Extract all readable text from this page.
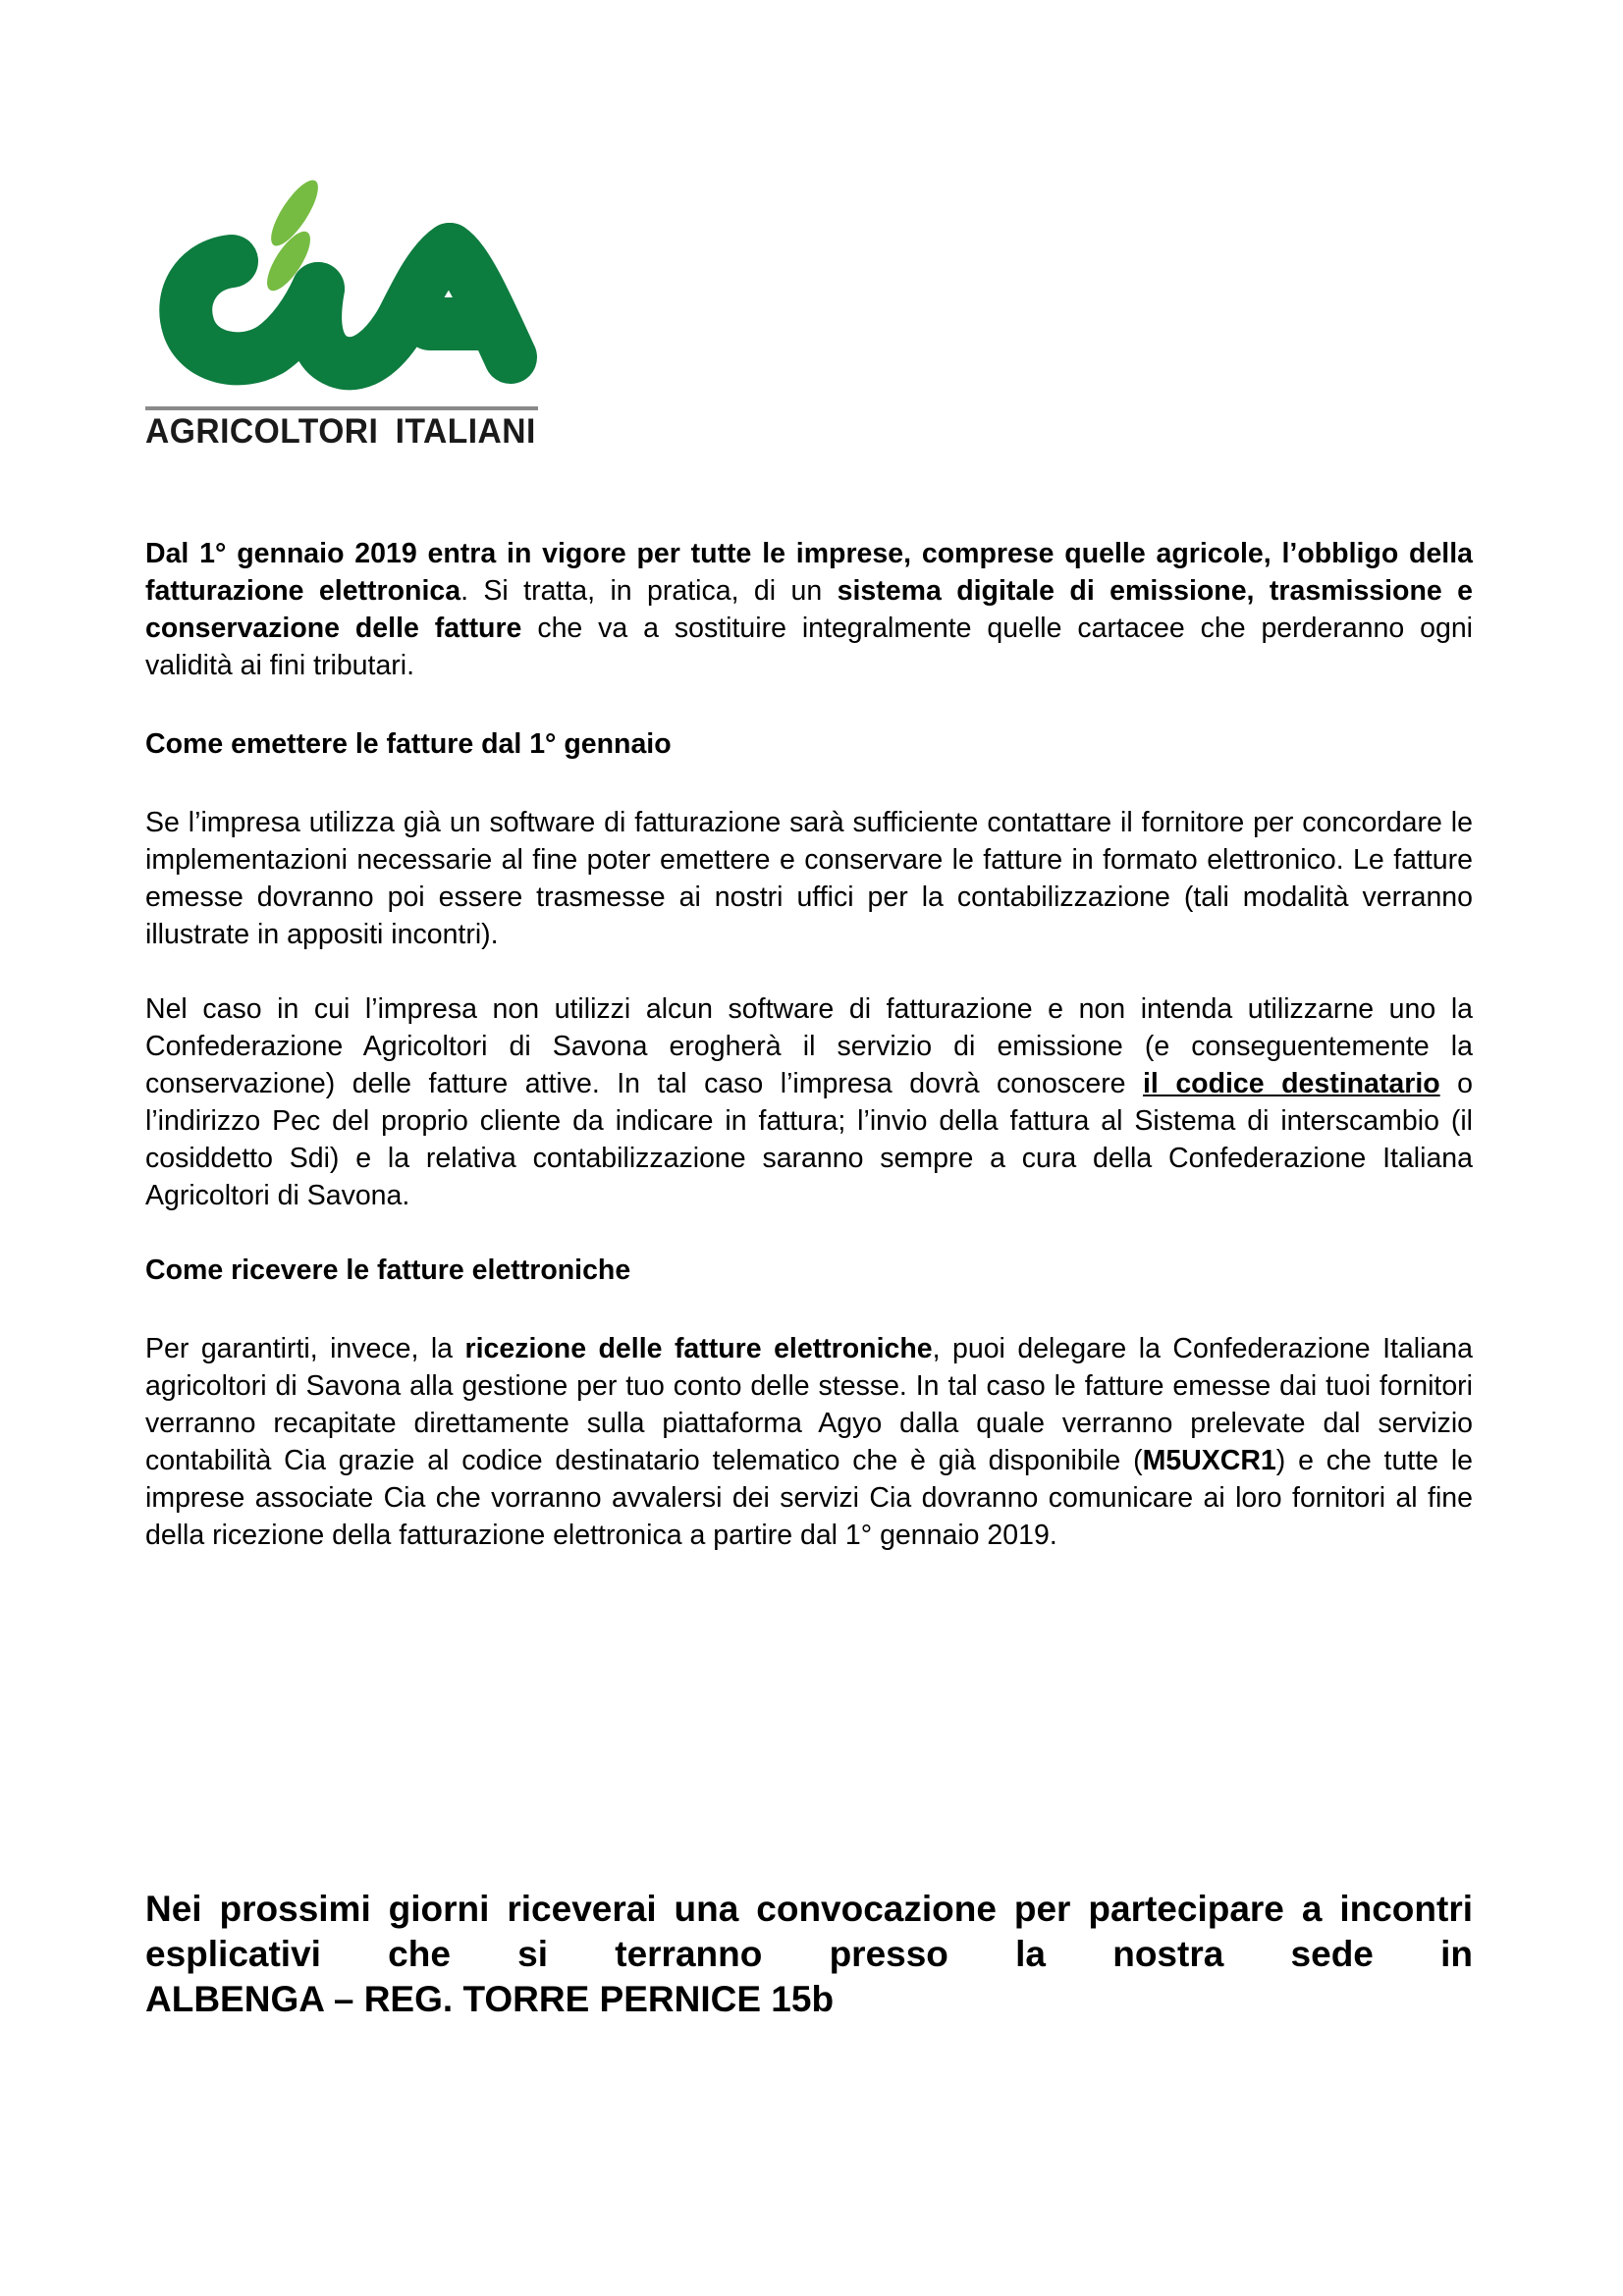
AGRICOLTORI ITALIANI

Dal 1° gennaio 2019 entra in vigore per tutte le imprese, comprese quelle agricole, l’obbligo della fatturazione elettronica. Si tratta, in pratica, di un sistema digitale di emissione, trasmissione e conservazione delle fatture che va a sostituire integralmente quelle cartacee che perderanno ogni validità ai fini tributari.

Come emettere le fatture dal 1° gennaio

Se l’impresa utilizza già un software di fatturazione sarà sufficiente contattare il fornitore per concordare le implementazioni necessarie al fine poter emettere e conservare le fatture in formato elettronico. Le fatture emesse dovranno poi essere trasmesse ai nostri uffici per la contabilizzazione (tali modalità verranno illustrate in appositi incontri).

Nel caso in cui l’impresa non utilizzi alcun software di fatturazione e non intenda utilizzarne uno la Confederazione Agricoltori di Savona erogherà il servizio di emissione (e conseguentemente la conservazione) delle fatture attive. In tal caso l’impresa dovrà conoscere il codice destinatario o l’indirizzo Pec del proprio cliente da indicare in fattura; l’invio della fattura al Sistema di interscambio (il cosiddetto Sdi) e la relativa contabilizzazione saranno sempre a cura della Confederazione Italiana Agricoltori di Savona.

Come ricevere le fatture elettroniche

Per garantirti, invece, la ricezione delle fatture elettroniche, puoi delegare la Confederazione Italiana agricoltori di Savona alla gestione per tuo conto delle stesse. In tal caso le fatture emesse dai tuoi fornitori verranno recapitate direttamente sulla piattaforma Agyo dalla quale verranno prelevate dal servizio contabilità Cia grazie al codice destinatario telematico che è già disponibile (M5UXCR1) e che tutte le imprese associate Cia che vorranno avvalersi dei servizi Cia dovranno comunicare ai loro fornitori al fine della ricezione della fatturazione elettronica a partire dal 1° gennaio 2019.

Nei prossimi giorni riceverai una convocazione per partecipare a incontri esplicativi che si terranno presso la nostra sede in
ALBENGA – REG. TORRE PERNICE 15b
